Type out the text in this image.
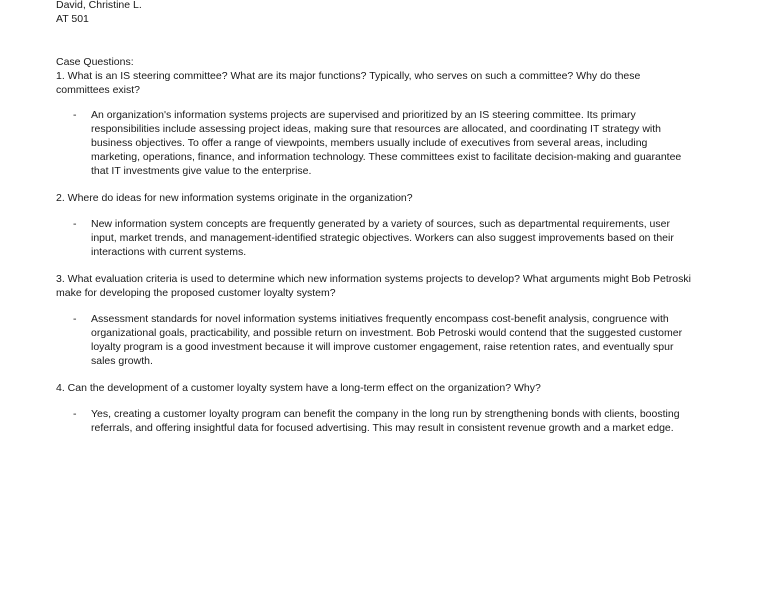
David, Christine L.
AT 501
Case Questions:
1. What is an IS steering committee? What are its major functions? Typically, who serves on such a committee? Why do these committees exist?
- An organization's information systems projects are supervised and prioritized by an IS steering committee. Its primary responsibilities include assessing project ideas, making sure that resources are allocated, and coordinating IT strategy with business objectives. To offer a range of viewpoints, members usually include of executives from several areas, including marketing, operations, finance, and information technology. These committees exist to facilitate decision-making and guarantee that IT investments give value to the enterprise.
2. Where do ideas for new information systems originate in the organization?
- New information system concepts are frequently generated by a variety of sources, such as departmental requirements, user input, market trends, and management-identified strategic objectives. Workers can also suggest improvements based on their interactions with current systems.
3. What evaluation criteria is used to determine which new information systems projects to develop? What arguments might Bob Petroski make for developing the proposed customer loyalty system?
- Assessment standards for novel information systems initiatives frequently encompass cost-benefit analysis, congruence with organizational goals, practicability, and possible return on investment. Bob Petroski would contend that the suggested customer loyalty program is a good investment because it will improve customer engagement, raise retention rates, and eventually spur sales growth.
4. Can the development of a customer loyalty system have a long-term effect on the organization? Why?
- Yes, creating a customer loyalty program can benefit the company in the long run by strengthening bonds with clients, boosting referrals, and offering insightful data for focused advertising. This may result in consistent revenue growth and a market edge.
